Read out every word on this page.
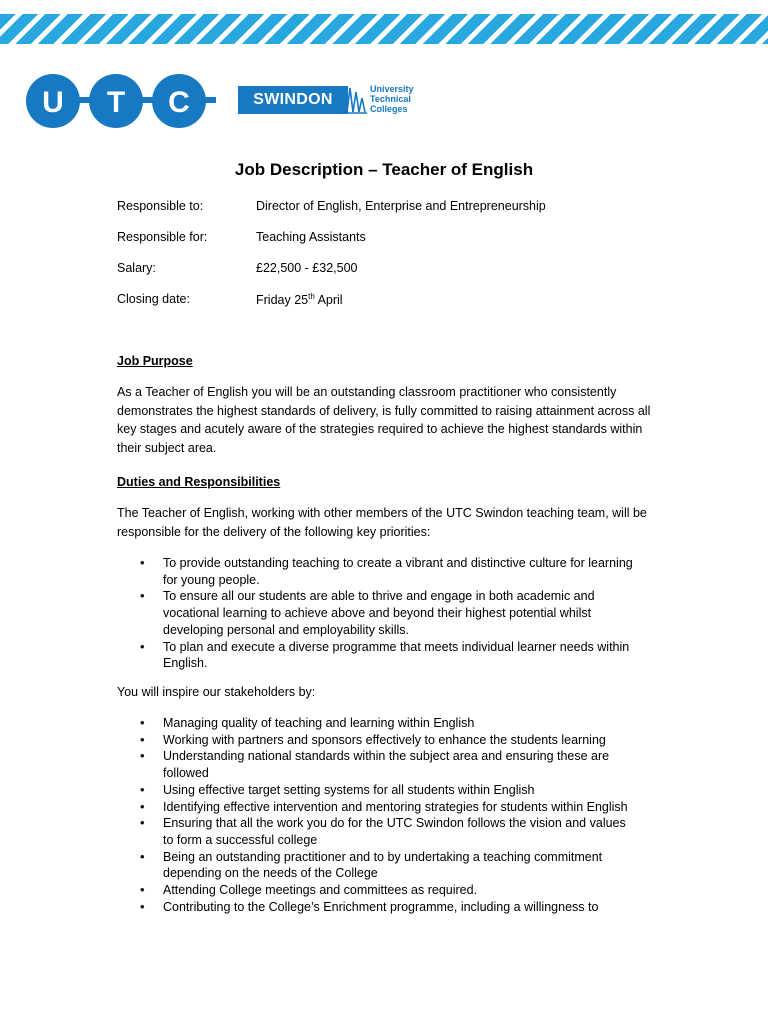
U T C	SWINDON
University
Technical
Colleges
Job Description – Teacher of English
Responsible to:	Director of English, Enterprise and Entrepreneurship
Responsible for:	Teaching Assistants
Salary:	£22,500 - £32,500
Closing date:	Friday 25th April
Job Purpose

As a Teacher of English you will be an outstanding classroom practitioner who consistently demonstrates the highest standards of delivery, is fully committed to raising attainment across all key stages and acutely aware of the strategies required to achieve the highest standards within their subject area.

Duties and Responsibilities

The Teacher of English, working with other members of the UTC Swindon teaching team, will be responsible for the delivery of the following key priorities:

• To provide outstanding teaching to create a vibrant and distinctive culture for learning for young people.
• To ensure all our students are able to thrive and engage in both academic and vocational learning to achieve above and beyond their highest potential whilst developing personal and employability skills.
• To plan and execute a diverse programme that meets individual learner needs within English.

You will inspire our stakeholders by:

• Managing quality of teaching and learning within English
• Working with partners and sponsors effectively to enhance the students learning
• Understanding national standards within the subject area and ensuring these are followed
• Using effective target setting systems for all students within English
• Identifying effective intervention and mentoring strategies for students within English
• Ensuring that all the work you do for the UTC Swindon follows the vision and values to form a successful college
• Being an outstanding practitioner and to by undertaking a teaching commitment depending on the needs of the College
• Attending College meetings and committees as required.
• Contributing to the College’s Enrichment programme, including a willingness to
